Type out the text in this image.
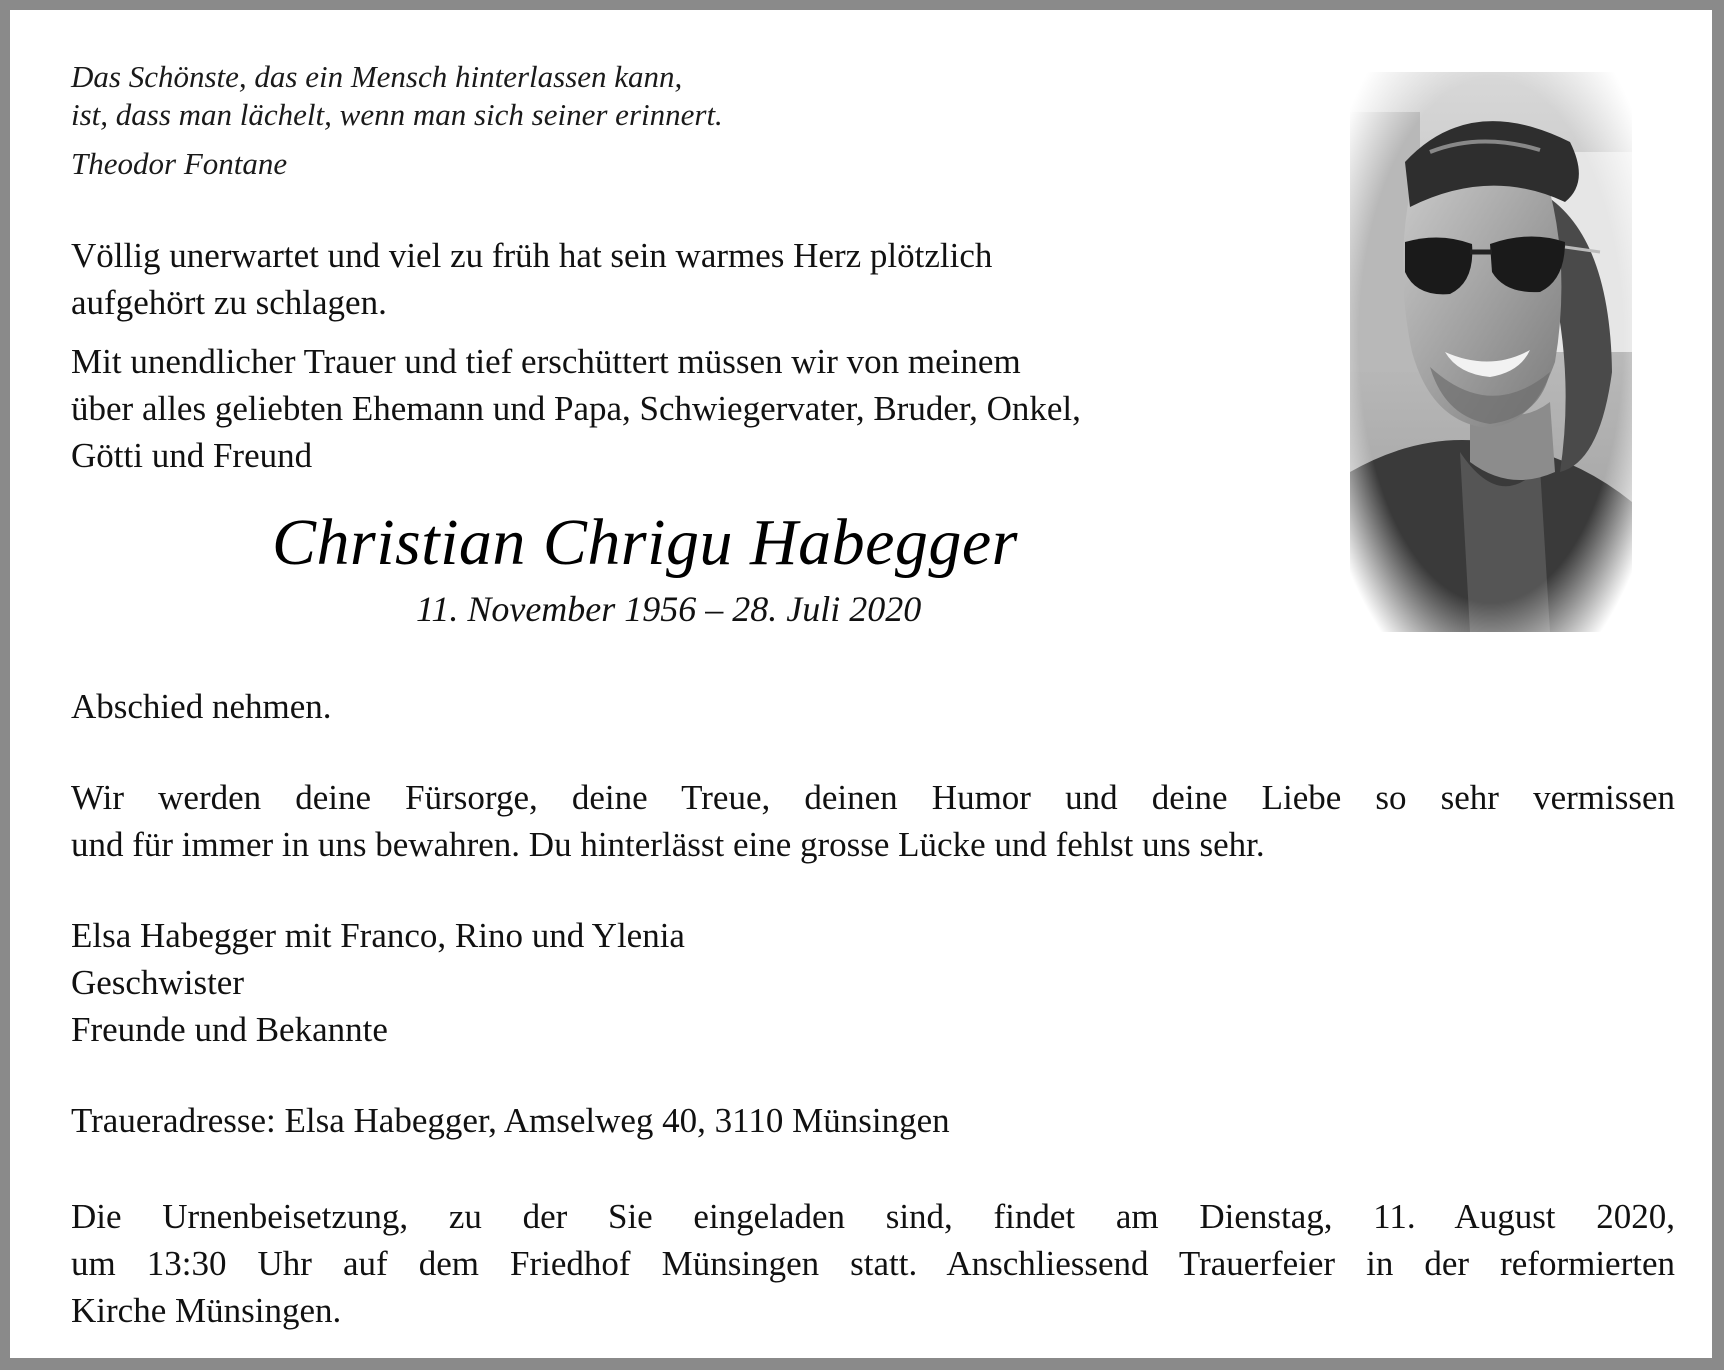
Das Schönste, das ein Mensch hinterlassen kann,
ist, dass man lächelt, wenn man sich seiner erinnert.
Theodor Fontane
Völlig unerwartet und viel zu früh hat sein warmes Herz plötzlich
aufgehört zu schlagen.
Mit unendlicher Trauer und tief erschüttert müssen wir von meinem
über alles geliebten Ehemann und Papa, Schwiegervater, Bruder, Onkel,
Götti und Freund
Christian Chrigu Habegger
11. November 1956 – 28. Juli 2020
Abschied nehmen.
Wir werden deine Fürsorge, deine Treue, deinen Humor und deine Liebe so sehr vermissen
und für immer in uns bewahren. Du hinterlässt eine grosse Lücke und fehlst uns sehr.
Elsa Habegger mit Franco, Rino und Ylenia
Geschwister
Freunde und Bekannte
Traueradresse: Elsa Habegger, Amselweg 40, 3110 Münsingen
Die Urnenbeisetzung, zu der Sie eingeladen sind, findet am Dienstag, 11. August 2020,
um 13:30 Uhr auf dem Friedhof Münsingen statt. Anschliessend Trauerfeier in der reformierten
Kirche Münsingen.
